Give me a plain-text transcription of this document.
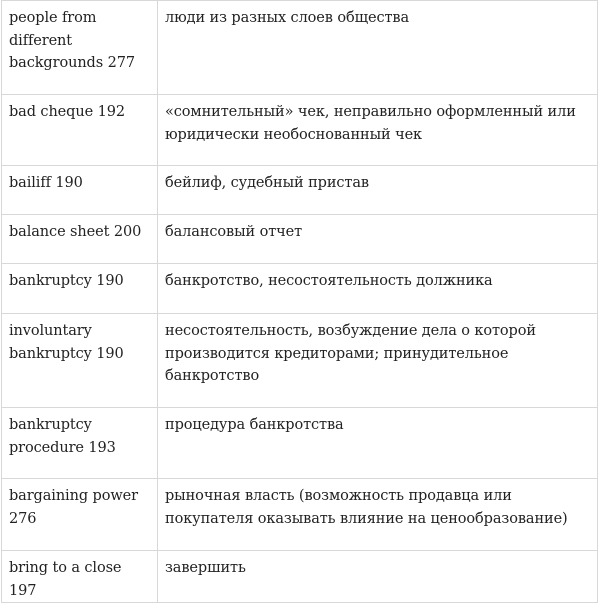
people from different backgrounds 277	люди из разных слоев общества
bad cheque 192	«сомнительный» чек, неправильно оформленный или юридически необоснованный чек
bailiff 190	бейлиф, судебный пристав
balance sheet 200	балансовый отчет
bankruptcy 190	банкротство, несостоятельность должника
involuntary bankruptcy 190	несостоятельность, возбуждение дела о которой производится кредиторами; принудительное банкротство
bankruptcy procedure 193	процедура банкротства
bargaining power 276	рыночная власть (возможность продавца или покупателя оказывать влияние на ценообразование)
bring to a close 197	завершить
